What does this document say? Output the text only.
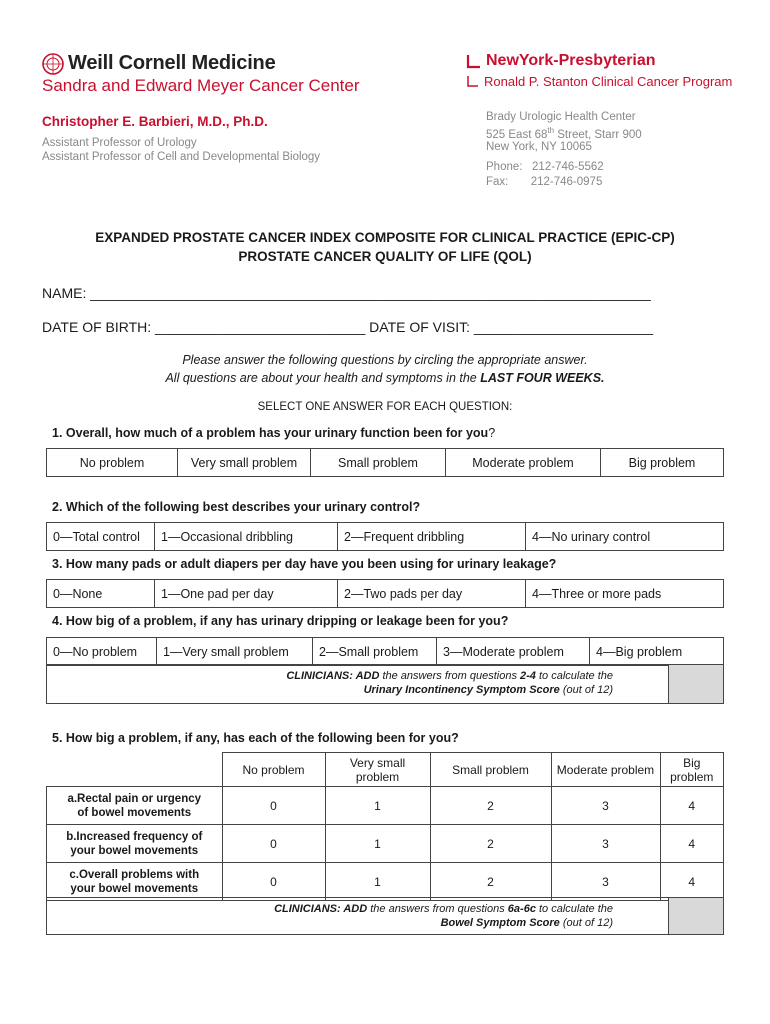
Weill Cornell Medicine
Sandra and Edward Meyer Cancer Center
NewYork-Presbyterian
Ronald P. Stanton Clinical Cancer Program
Christopher E. Barbieri, M.D., Ph.D.
Assistant Professor of Urology
Assistant Professor of Cell and Developmental Biology
Brady Urologic Health Center
525 East 68th Street, Starr 900
New York, NY 10065
Phone:   212-746-5562
Fax:       212-746-0975
EXPANDED PROSTATE CANCER INDEX COMPOSITE FOR CLINICAL PRACTICE (EPIC-CP)
PROSTATE CANCER QUALITY OF LIFE (QOL)
NAME: ________________________________________________________________________
DATE OF BIRTH: ___________________________ DATE OF VISIT: _______________________
Please answer the following questions by circling the appropriate answer.
All questions are about your health and symptoms in the LAST FOUR WEEKS.
SELECT ONE ANSWER FOR EACH QUESTION:
1. Overall, how much of a problem has your urinary function been for you?
No problem	Very small problem	Small problem	Moderate problem	Big problem
2. Which of the following best describes your urinary control?
0—Total control	1—Occasional dribbling	2—Frequent dribbling	4—No urinary control
3. How many pads or adult diapers per day have you been using for urinary leakage?
0—None	1—One pad per day	2—Two pads per day	4—Three or more pads
4. How big of a problem, if any has urinary dripping or leakage been for you?
0—No problem	1—Very small problem	2—Small problem	3—Moderate problem	4—Big problem
CLINICIANS: ADD the answers from questions 2-4 to calculate the
Urinary Incontinency Symptom Score (out of 12)
5. How big a problem, if any, has each of the following been for you?
	No problem	Very small problem	Small problem	Moderate problem	Big problem
a.Rectal pain or urgency
of bowel movements	0	1	2	3	4
b.Increased frequency of
your bowel movements	0	1	2	3	4
c.Overall problems with
your bowel movements	0	1	2	3	4
CLINICIANS: ADD the answers from questions 6a-6c to calculate the
Bowel Symptom Score (out of 12)
